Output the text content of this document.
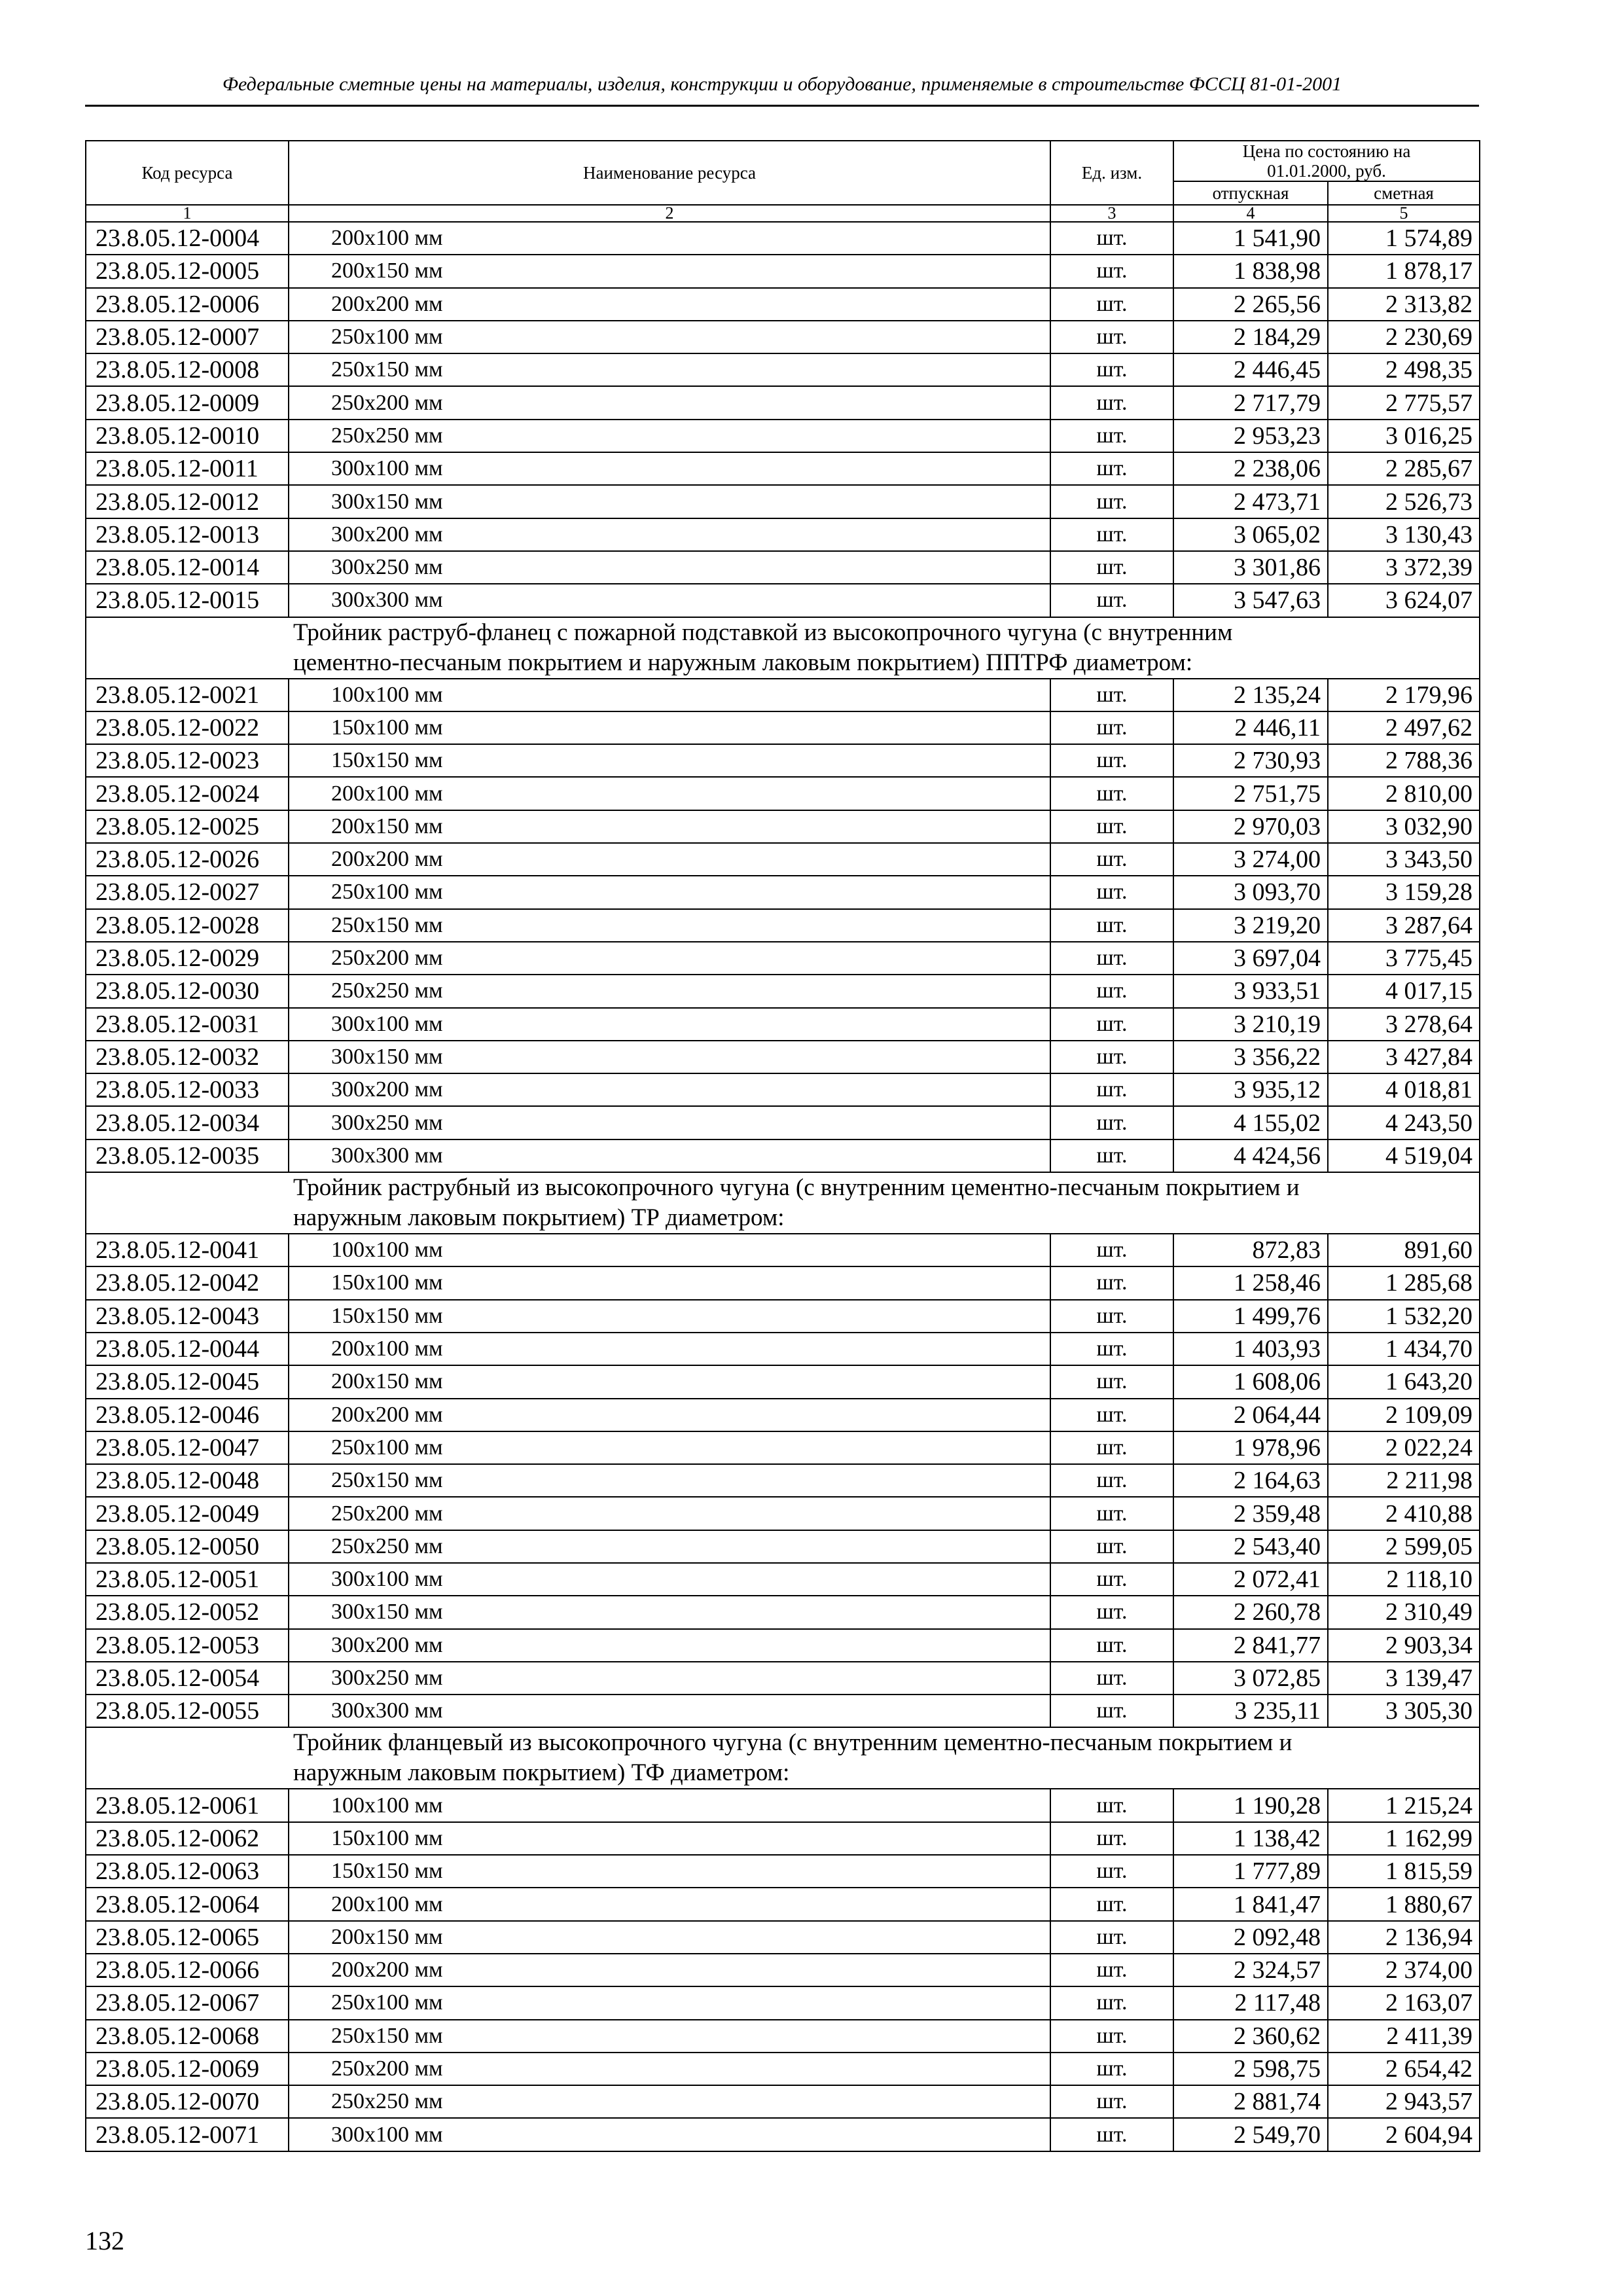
Федеральные сметные цены на материалы, изделия, конструкции и оборудование, применяемые в строительстве ФССЦ 81-01-2001
Код ресурса	Наименование ресурса	Ед. изм.	Цена по состоянию на 01.01.2000, руб.	
			отпускная	сметная
1	2	3	4	5
23.8.05.12-0004	200x100 мм	шт.	1 541,90	1 574,89
23.8.05.12-0005	200x150 мм	шт.	1 838,98	1 878,17
23.8.05.12-0006	200x200 мм	шт.	2 265,56	2 313,82
23.8.05.12-0007	250x100 мм	шт.	2 184,29	2 230,69
23.8.05.12-0008	250x150 мм	шт.	2 446,45	2 498,35
23.8.05.12-0009	250x200 мм	шт.	2 717,79	2 775,57
23.8.05.12-0010	250x250 мм	шт.	2 953,23	3 016,25
23.8.05.12-0011	300x100 мм	шт.	2 238,06	2 285,67
23.8.05.12-0012	300x150 мм	шт.	2 473,71	2 526,73
23.8.05.12-0013	300x200 мм	шт.	3 065,02	3 130,43
23.8.05.12-0014	300x250 мм	шт.	3 301,86	3 372,39
23.8.05.12-0015	300x300 мм	шт.	3 547,63	3 624,07

Тройник раструб-фланец с пожарной подставкой из высокопрочного чугуна (с внутренним
цементно-песчаным покрытием и наружным лаковым покрытием) ППТРФ диаметром:				

23.8.05.12-0021	100x100 мм	шт.	2 135,24	2 179,96
23.8.05.12-0022	150x100 мм	шт.	2 446,11	2 497,62
23.8.05.12-0023	150x150 мм	шт.	2 730,93	2 788,36
23.8.05.12-0024	200x100 мм	шт.	2 751,75	2 810,00
23.8.05.12-0025	200x150 мм	шт.	2 970,03	3 032,90
23.8.05.12-0026	200x200 мм	шт.	3 274,00	3 343,50
23.8.05.12-0027	250x100 мм	шт.	3 093,70	3 159,28
23.8.05.12-0028	250x150 мм	шт.	3 219,20	3 287,64
23.8.05.12-0029	250x200 мм	шт.	3 697,04	3 775,45
23.8.05.12-0030	250x250 мм	шт.	3 933,51	4 017,15
23.8.05.12-0031	300x100 мм	шт.	3 210,19	3 278,64
23.8.05.12-0032	300x150 мм	шт.	3 356,22	3 427,84
23.8.05.12-0033	300x200 мм	шт.	3 935,12	4 018,81
23.8.05.12-0034	300x250 мм	шт.	4 155,02	4 243,50
23.8.05.12-0035	300x300 мм	шт.	4 424,56	4 519,04

Тройник раструбный из высокопрочного чугуна (с внутренним цементно-песчаным покрытием и
наружным лаковым покрытием) ТР диаметром:				

23.8.05.12-0041	100x100 мм	шт.	872,83	891,60
23.8.05.12-0042	150x100 мм	шт.	1 258,46	1 285,68
23.8.05.12-0043	150x150 мм	шт.	1 499,76	1 532,20
23.8.05.12-0044	200x100 мм	шт.	1 403,93	1 434,70
23.8.05.12-0045	200x150 мм	шт.	1 608,06	1 643,20
23.8.05.12-0046	200x200 мм	шт.	2 064,44	2 109,09
23.8.05.12-0047	250x100 мм	шт.	1 978,96	2 022,24
23.8.05.12-0048	250x150 мм	шт.	2 164,63	2 211,98
23.8.05.12-0049	250x200 мм	шт.	2 359,48	2 410,88
23.8.05.12-0050	250x250 мм	шт.	2 543,40	2 599,05
23.8.05.12-0051	300x100 мм	шт.	2 072,41	2 118,10
23.8.05.12-0052	300x150 мм	шт.	2 260,78	2 310,49
23.8.05.12-0053	300x200 мм	шт.	2 841,77	2 903,34
23.8.05.12-0054	300x250 мм	шт.	3 072,85	3 139,47
23.8.05.12-0055	300x300 мм	шт.	3 235,11	3 305,30

Тройник фланцевый из высокопрочного чугуна (с внутренним цементно-песчаным покрытием и
наружным лаковым покрытием) ТФ диаметром:				

23.8.05.12-0061	100x100 мм	шт.	1 190,28	1 215,24
23.8.05.12-0062	150x100 мм	шт.	1 138,42	1 162,99
23.8.05.12-0063	150x150 мм	шт.	1 777,89	1 815,59
23.8.05.12-0064	200x100 мм	шт.	1 841,47	1 880,67
23.8.05.12-0065	200x150 мм	шт.	2 092,48	2 136,94
23.8.05.12-0066	200x200 мм	шт.	2 324,57	2 374,00
23.8.05.12-0067	250x100 мм	шт.	2 117,48	2 163,07
23.8.05.12-0068	250x150 мм	шт.	2 360,62	2 411,39
23.8.05.12-0069	250x200 мм	шт.	2 598,75	2 654,42
23.8.05.12-0070	250x250 мм	шт.	2 881,74	2 943,57
23.8.05.12-0071	300x100 мм	шт.	2 549,70	2 604,94
132
